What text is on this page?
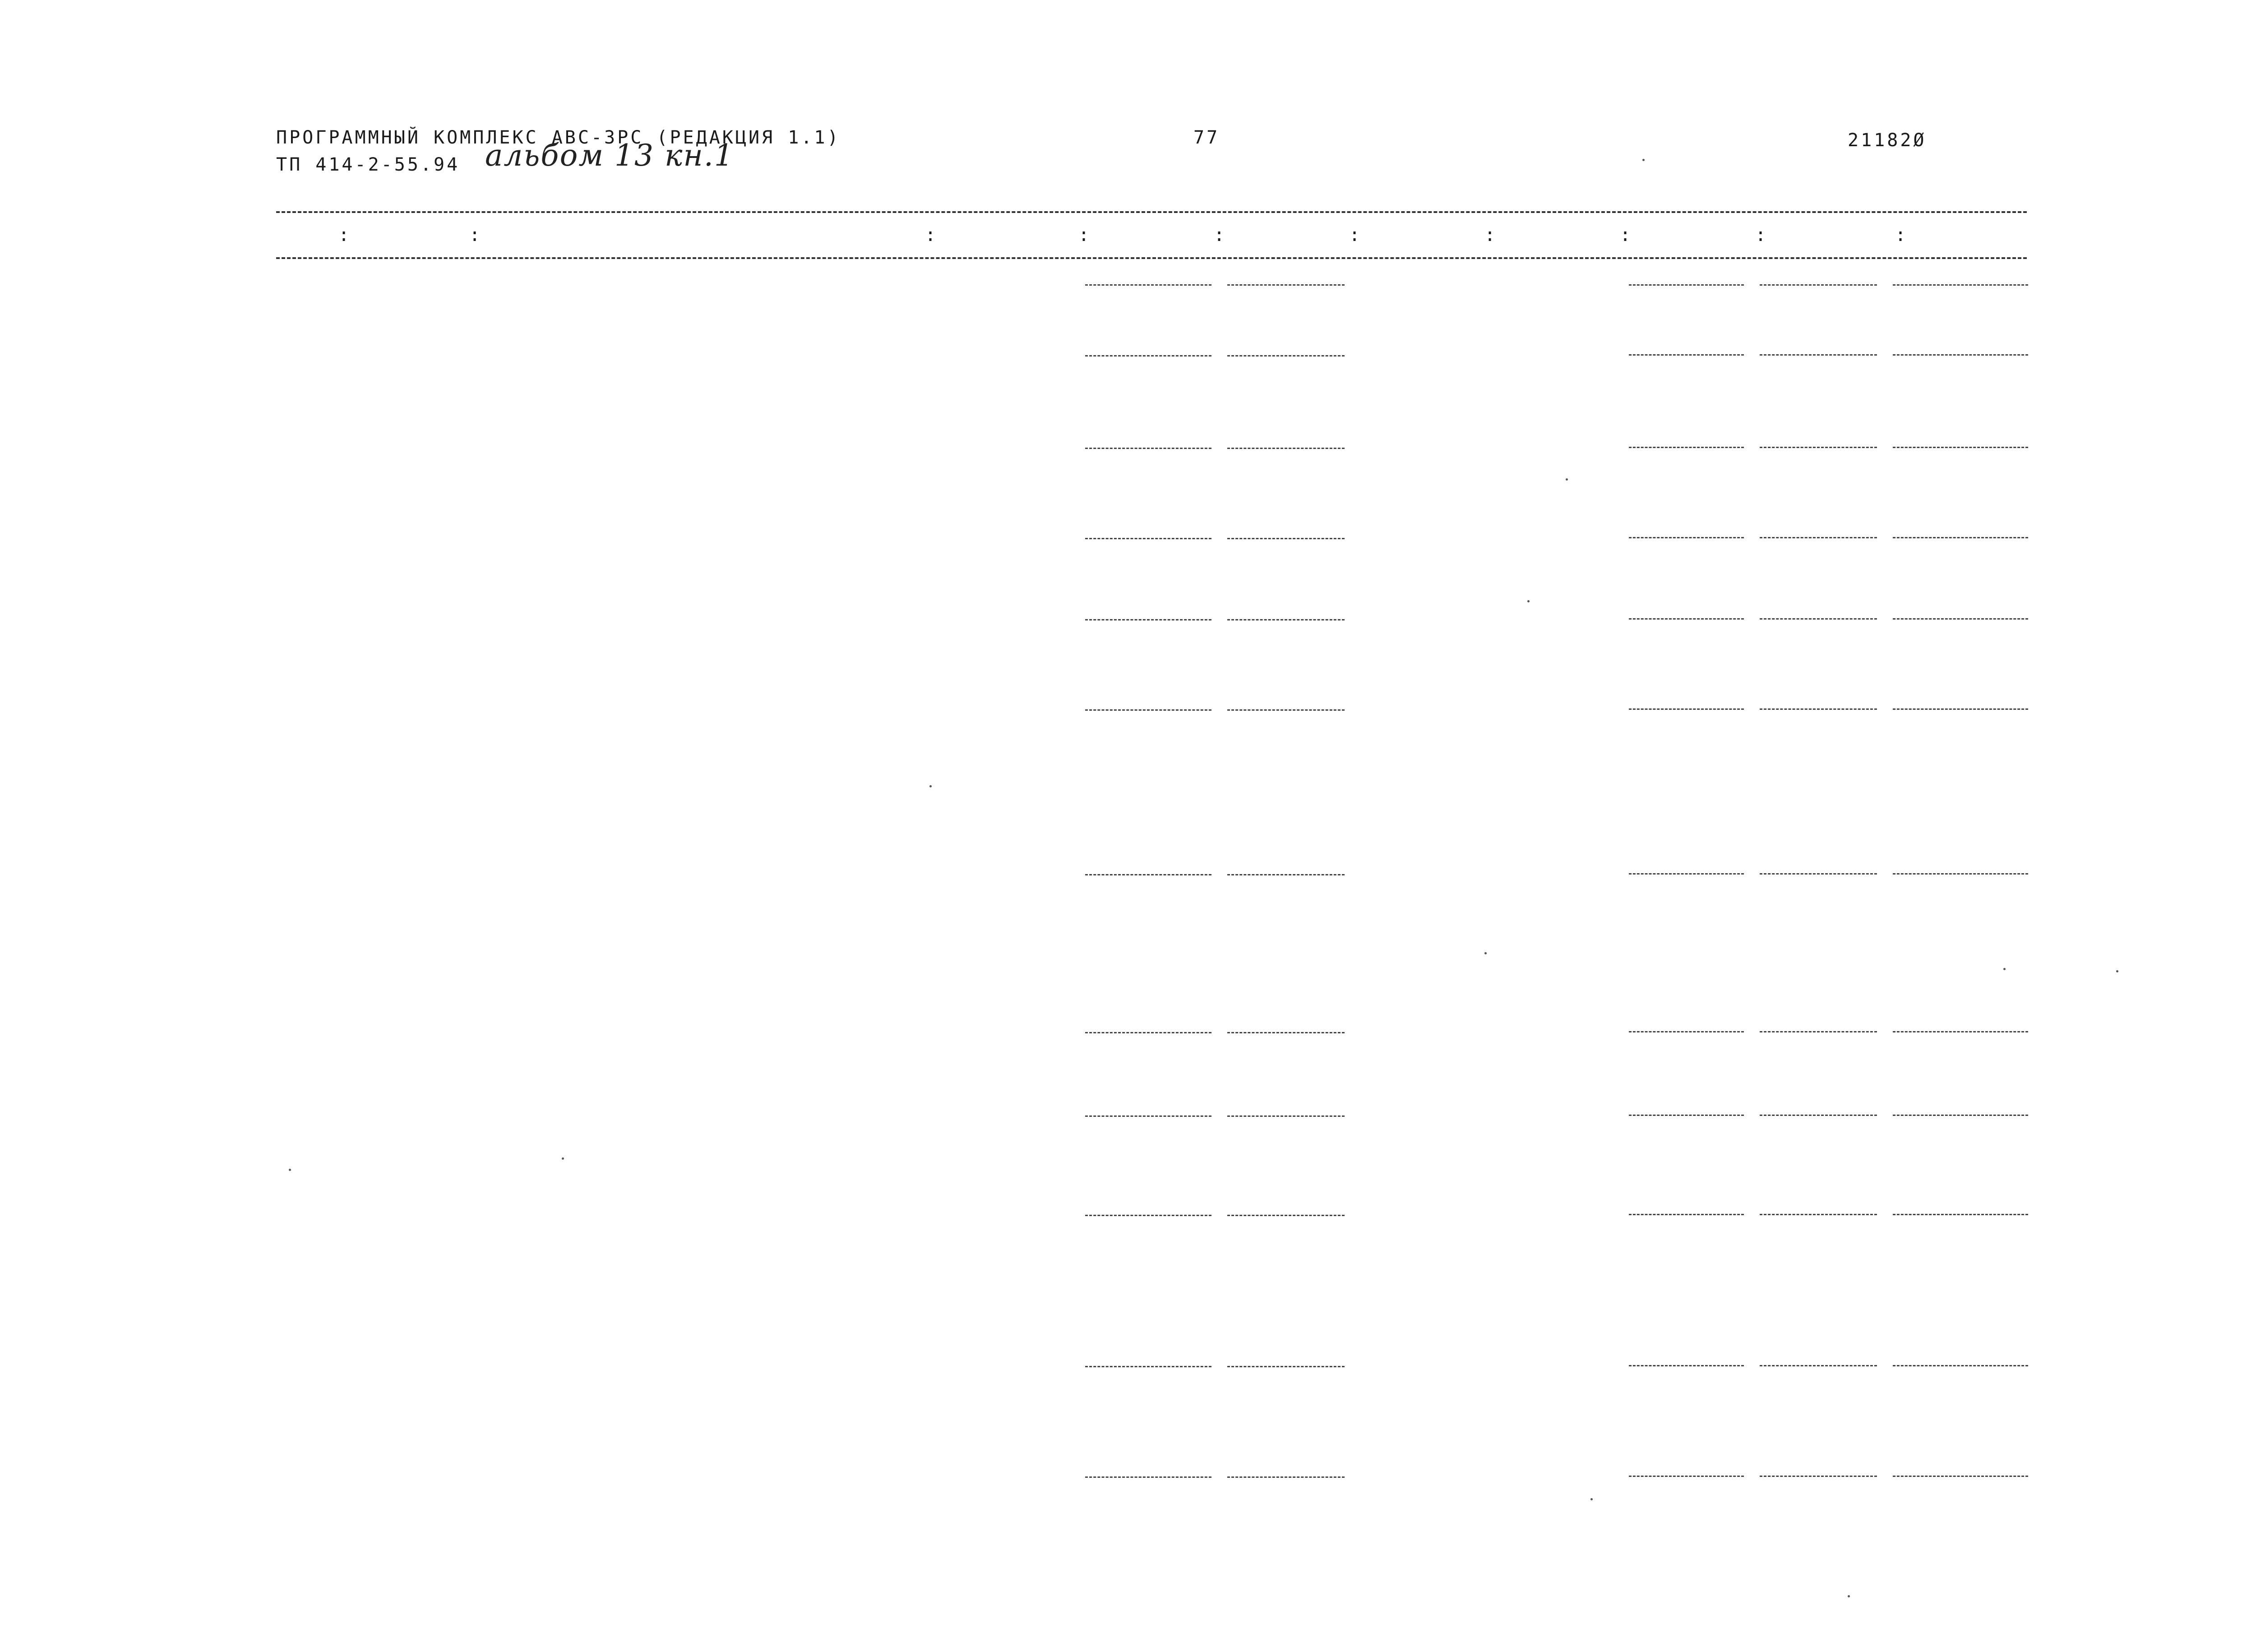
ПРОГРАММНЫЙ КОМПЛЕКС АВС-3РС (РЕДАКЦИЯ 1.1)
ТП 414-2-55.94 альбом 13 кн.1
77	21182Ø
:	:	:	:	:	:	:	:	:	:
